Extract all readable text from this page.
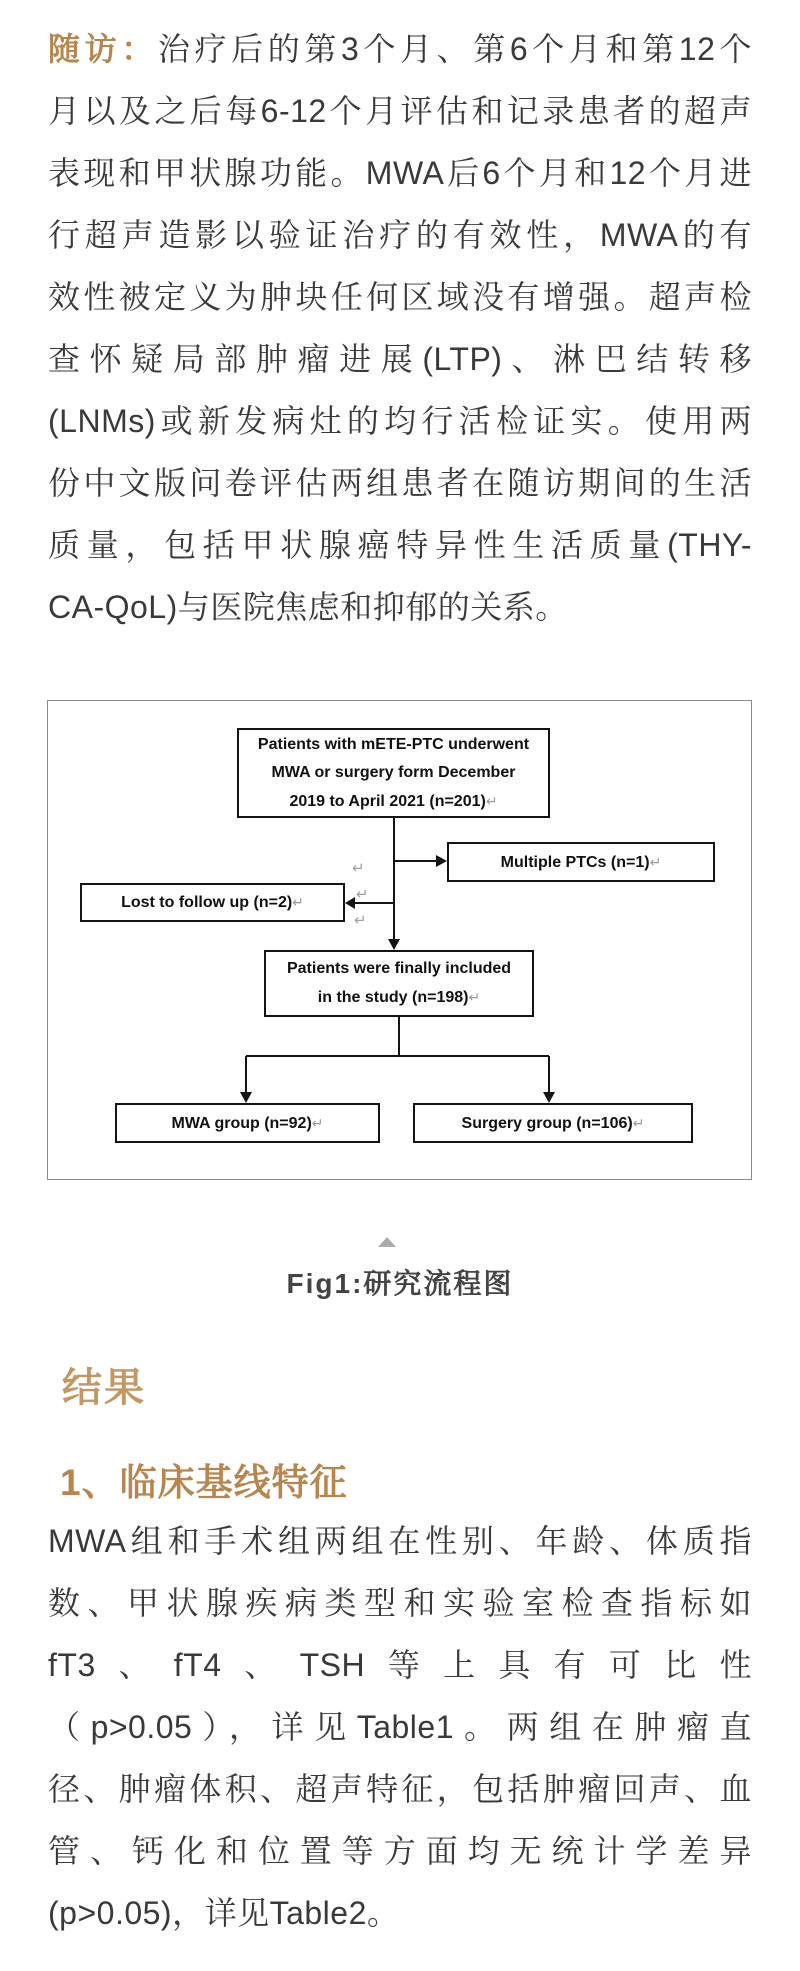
随访：治疗后的第3个月、第6个月和第12个
月以及之后每6-12个月评估和记录患者的超声
表现和甲状腺功能。MWA后6个月和12个月进
行超声造影以验证治疗的有效性，MWA的有
效性被定义为肿块任何区域没有增强。超声检
查怀疑局部肿瘤进展(LTP)、淋巴结转移
(LNMs)或新发病灶的均行活检证实。使用两
份中文版问卷评估两组患者在随访期间的生活
质量，包括甲状腺癌特异性生活质量(THY-
CA-QoL)与医院焦虑和抑郁的关系。
Patients with mETE-PTC underwent
MWA or surgery form December
2019 to April 2021 (n=201)↵
Multiple PTCs (n=1)↵
Lost to follow up (n=2)↵
Patients were finally included
in the study (n=198)↵
MWA group (n=92)↵	Surgery group (n=106)↵
↵
↵
↵
Fig1:研究流程图
结果
1、临床基线特征
MWA组和手术组两组在性别、年龄、体质指
数、甲状腺疾病类型和实验室检查指标如
fT3、fT4、TSH等上具有可比性
（p>0.05），详见Table1。两组在肿瘤直
径、肿瘤体积、超声特征，包括肿瘤回声、血
管、钙化和位置等方面均无统计学差异
(p>0.05)，详见Table2。
